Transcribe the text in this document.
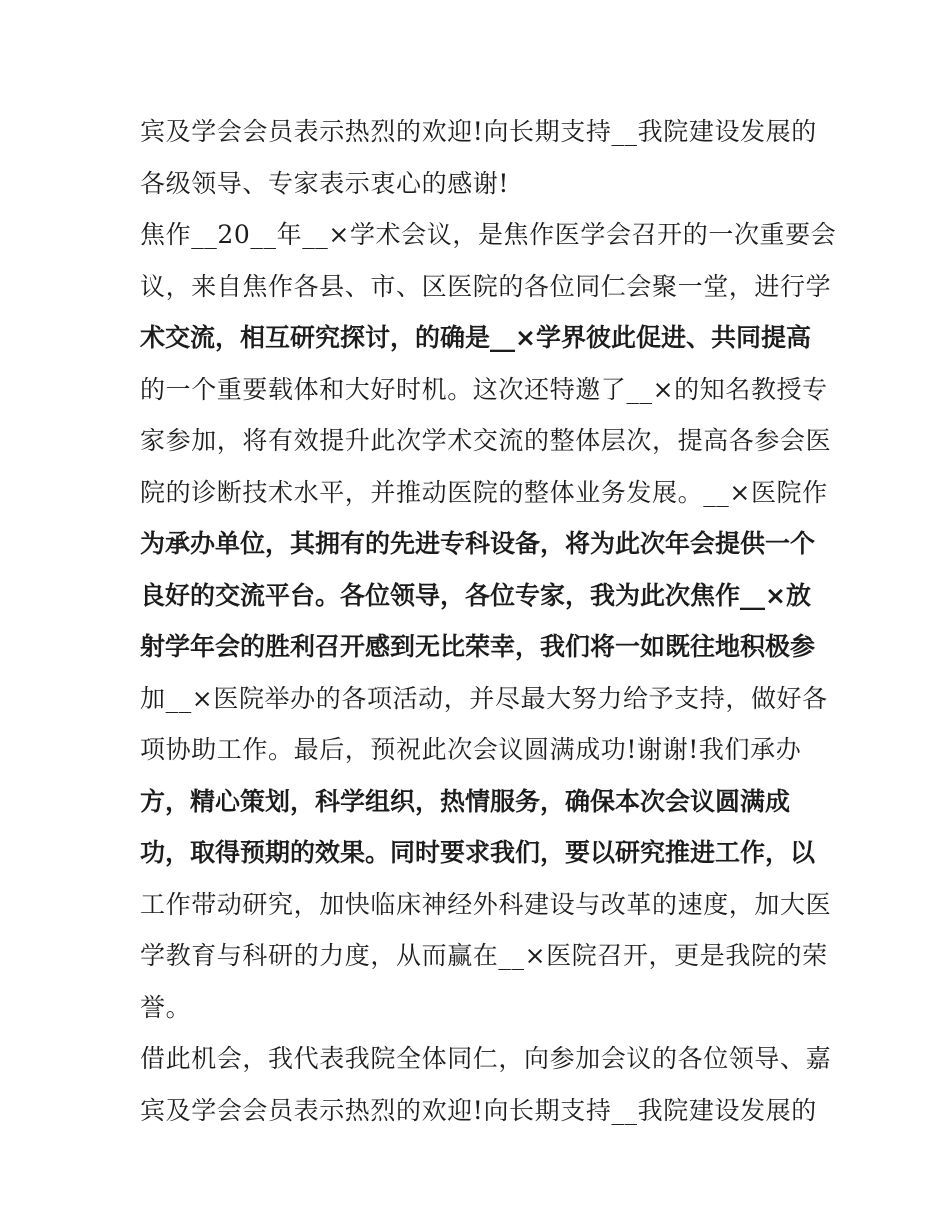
宾及学会会员表示热烈的欢迎!向长期支持__我院建设发展的
各级领导、专家表示衷心的感谢!
焦作__20__年__×学术会议，是焦作医学会召开的一次重要会
议，来自焦作各县、市、区医院的各位同仁会聚一堂，进行学
术交流，相互研究探讨，的确是__×学界彼此促进、共同提高
的一个重要载体和大好时机。这次还特邀了__×的知名教授专
家参加，将有效提升此次学术交流的整体层次，提高各参会医
院的诊断技术水平，并推动医院的整体业务发展。__×医院作
为承办单位，其拥有的先进专科设备，将为此次年会提供一个
良好的交流平台。各位领导，各位专家，我为此次焦作__×放
射学年会的胜利召开感到无比荣幸，我们将一如既往地积极参
加__×医院举办的各项活动，并尽最大努力给予支持，做好各
项协助工作。最后，预祝此次会议圆满成功!谢谢!我们承办
方，精心策划，科学组织，热情服务，确保本次会议圆满成
功，取得预期的效果。同时要求我们，要以研究推进工作，以
工作带动研究，加快临床神经外科建设与改革的速度，加大医
学教育与科研的力度，从而赢在__×医院召开，更是我院的荣
誉。
借此机会，我代表我院全体同仁，向参加会议的各位领导、嘉
宾及学会会员表示热烈的欢迎!向长期支持__我院建设发展的
